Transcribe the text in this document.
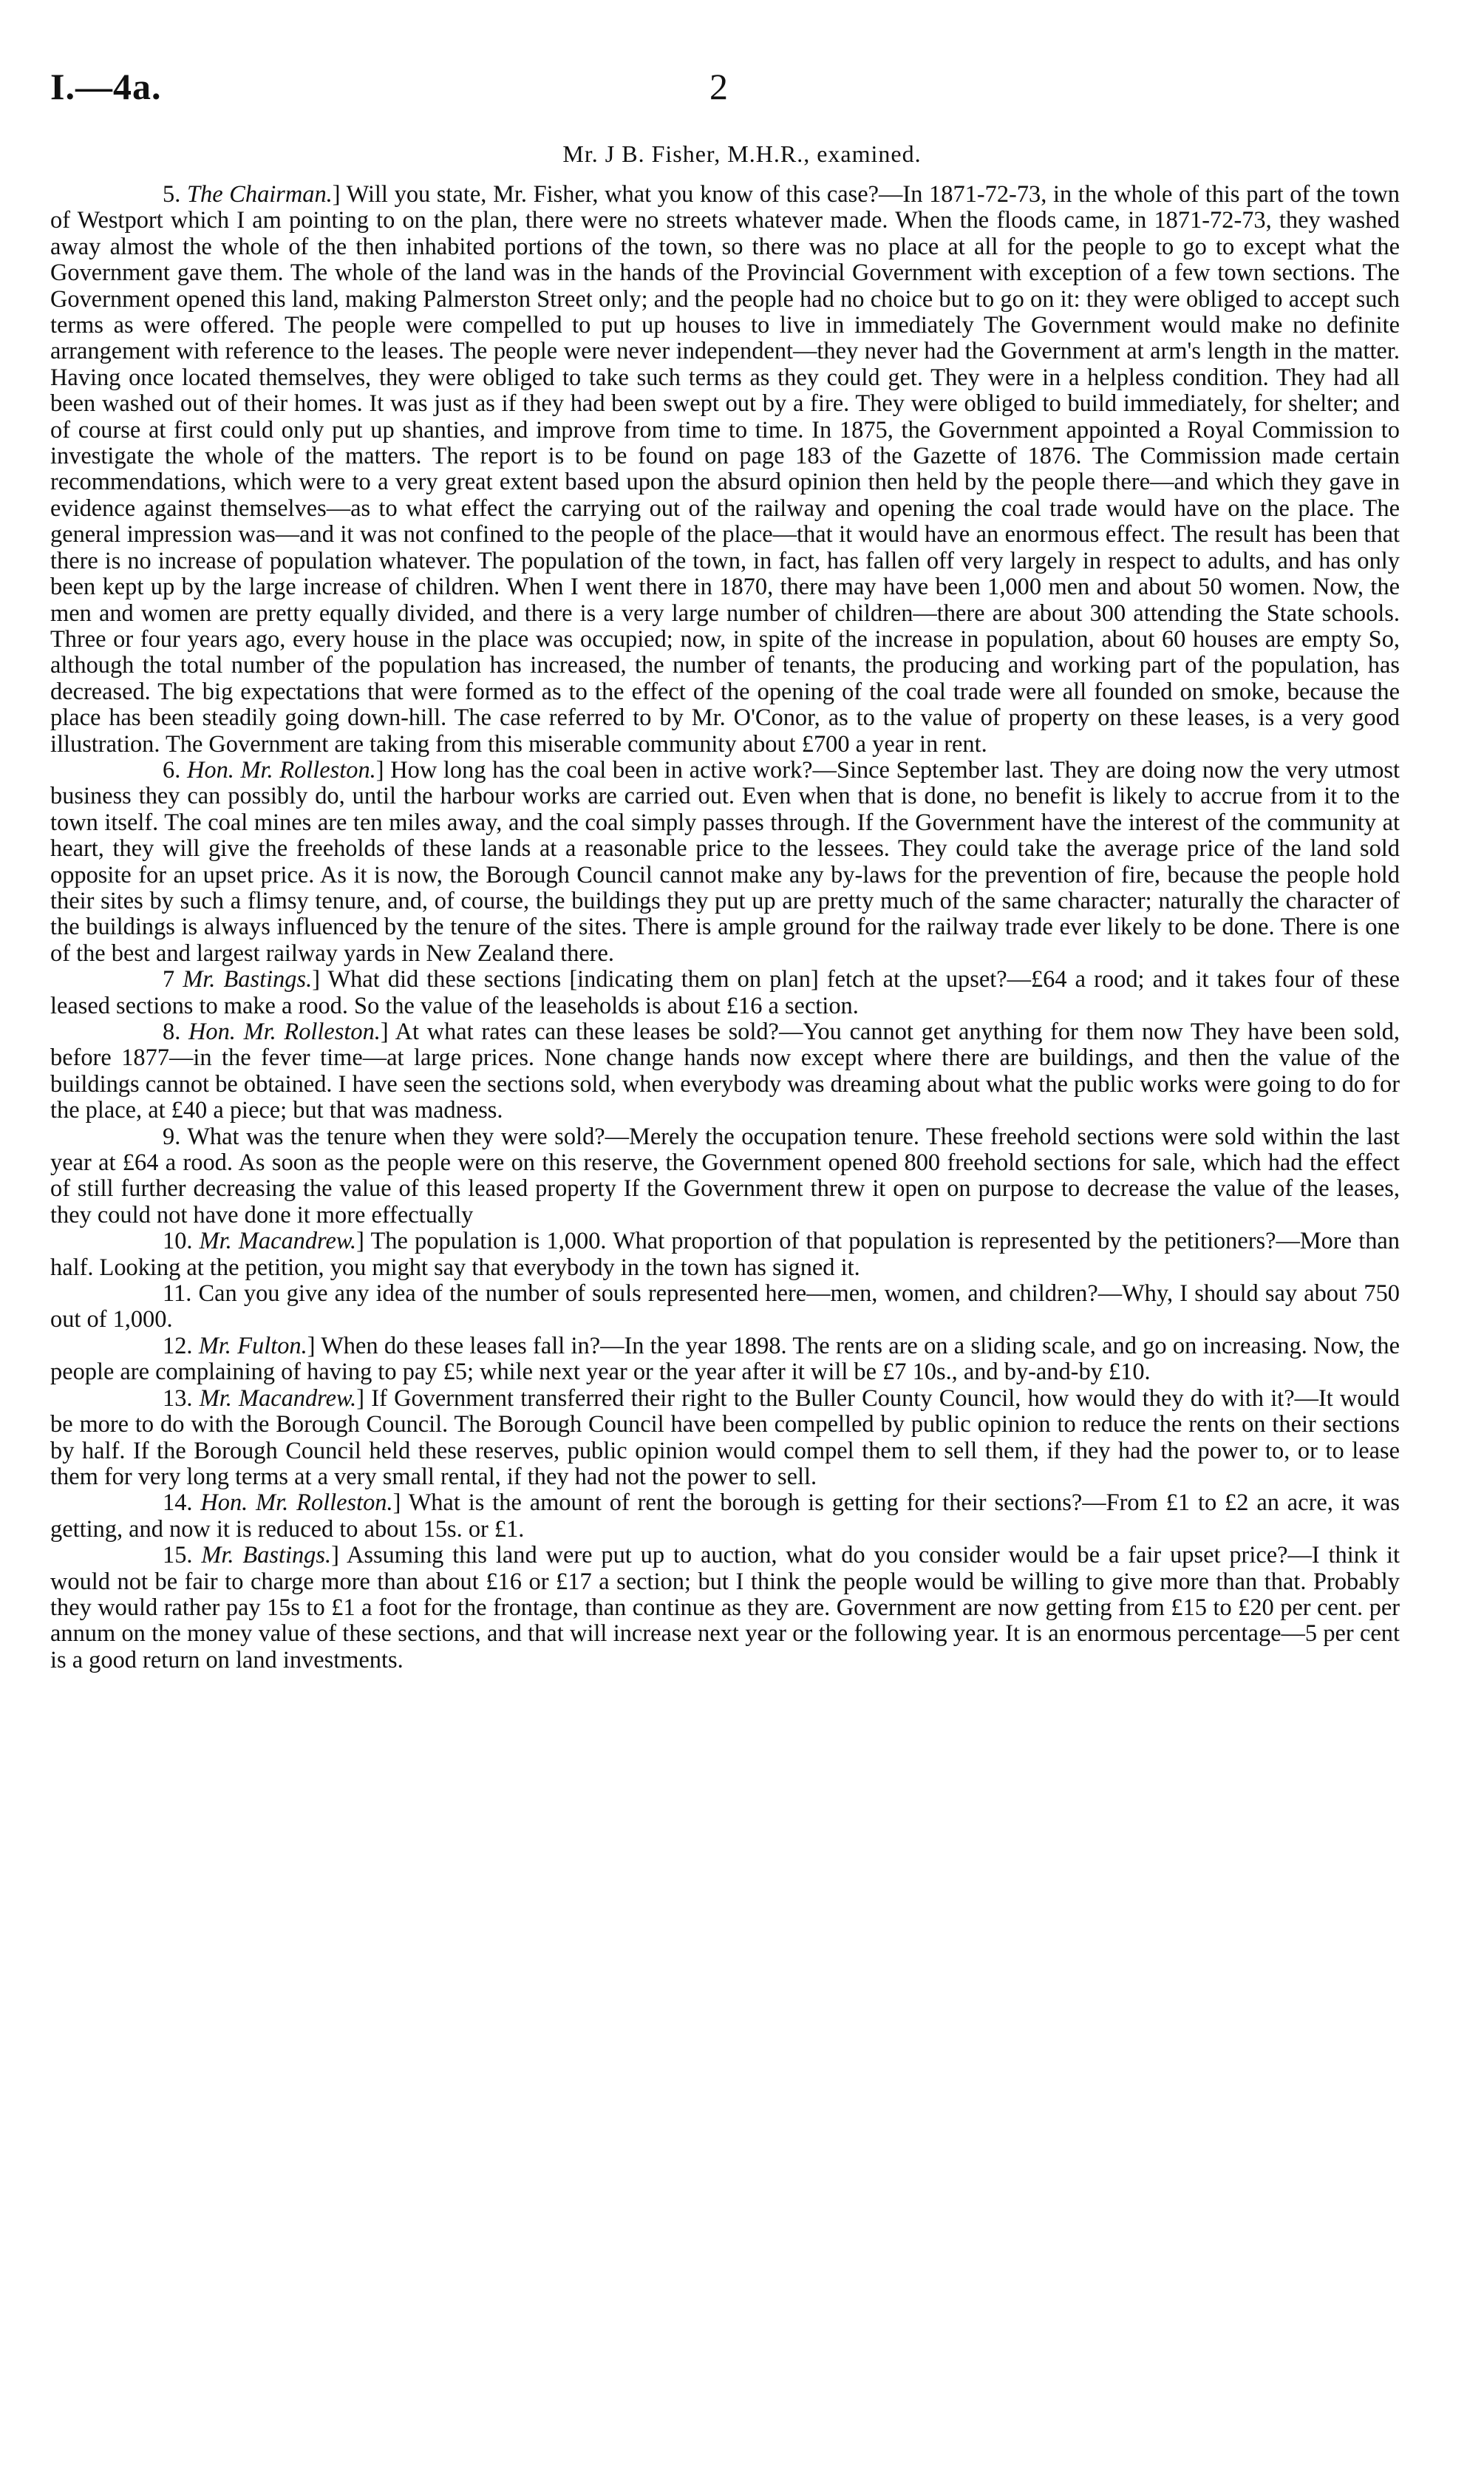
I.—4a.	2
Mr. J B. Fisher, M.H.R., examined.

5. The Chairman.] Will you state, Mr. Fisher, what you know of this case?—In 1871-72-73, in the whole of this part of the town of Westport which I am pointing to on the plan, there were no streets whatever made. When the floods came, in 1871-72-73, they washed away almost the whole of the then inhabited portions of the town, so there was no place at all for the people to go to except what the Government gave them. The whole of the land was in the hands of the Provincial Government with exception of a few town sections. The Government opened this land, making Palmerston Street only; and the people had no choice but to go on it: they were obliged to accept such terms as were offered. The people were compelled to put up houses to live in immediately The Government would make no definite arrangement with reference to the leases. The people were never independent—they never had the Government at arm's length in the matter. Having once located themselves, they were obliged to take such terms as they could get. They were in a helpless condition. They had all been washed out of their homes. It was just as if they had been swept out by a fire. They were obliged to build immediately, for shelter; and of course at first could only put up shanties, and improve from time to time. In 1875, the Government appointed a Royal Commission to investigate the whole of the matters. The report is to be found on page 183 of the Gazette of 1876. The Commission made certain recommendations, which were to a very great extent based upon the absurd opinion then held by the people there—and which they gave in evidence against themselves—as to what effect the carrying out of the railway and opening the coal trade would have on the place. The general impression was—and it was not confined to the people of the place—that it would have an enormous effect. The result has been that there is no increase of population whatever. The population of the town, in fact, has fallen off very largely in respect to adults, and has only been kept up by the large increase of children. When I went there in 1870, there may have been 1,000 men and about 50 women. Now, the men and women are pretty equally divided, and there is a very large number of children—there are about 300 attending the State schools. Three or four years ago, every house in the place was occupied; now, in spite of the increase in population, about 60 houses are empty So, although the total number of the population has increased, the number of tenants, the producing and working part of the population, has decreased. The big expectations that were formed as to the effect of the opening of the coal trade were all founded on smoke, because the place has been steadily going down-hill. The case referred to by Mr. O'Conor, as to the value of property on these leases, is a very good illustration. The Government are taking from this miserable community about £700 a year in rent.

6. Hon. Mr. Rolleston.] How long has the coal been in active work?—Since September last. They are doing now the very utmost business they can possibly do, until the harbour works are carried out. Even when that is done, no benefit is likely to accrue from it to the town itself. The coal mines are ten miles away, and the coal simply passes through. If the Government have the interest of the community at heart, they will give the freeholds of these lands at a reasonable price to the lessees. They could take the average price of the land sold opposite for an upset price. As it is now, the Borough Council cannot make any by-laws for the prevention of fire, because the people hold their sites by such a flimsy tenure, and, of course, the buildings they put up are pretty much of the same character; naturally the character of the buildings is always influenced by the tenure of the sites. There is ample ground for the railway trade ever likely to be done. There is one of the best and largest railway yards in New Zealand there.

7 Mr. Bastings.] What did these sections [indicating them on plan] fetch at the upset?—£64 a rood; and it takes four of these leased sections to make a rood. So the value of the leaseholds is about £16 a section.

8. Hon. Mr. Rolleston.] At what rates can these leases be sold?—You cannot get anything for them now They have been sold, before 1877—in the fever time—at large prices. None change hands now except where there are buildings, and then the value of the buildings cannot be obtained. I have seen the sections sold, when everybody was dreaming about what the public works were going to do for the place, at £40 a piece; but that was madness.

9. What was the tenure when they were sold?—Merely the occupation tenure. These freehold sections were sold within the last year at £64 a rood. As soon as the people were on this reserve, the Government opened 800 freehold sections for sale, which had the effect of still further decreasing the value of this leased property If the Government threw it open on purpose to decrease the value of the leases, they could not have done it more effectually

10. Mr. Macandrew.] The population is 1,000. What proportion of that population is represented by the petitioners?—More than half. Looking at the petition, you might say that everybody in the town has signed it.

11. Can you give any idea of the number of souls represented here—men, women, and children?—Why, I should say about 750 out of 1,000.

12. Mr. Fulton.] When do these leases fall in?—In the year 1898. The rents are on a sliding scale, and go on increasing. Now, the people are complaining of having to pay £5; while next year or the year after it will be £7 10s., and by-and-by £10.

13. Mr. Macandrew.] If Government transferred their right to the Buller County Council, how would they do with it?—It would be more to do with the Borough Council. The Borough Council have been compelled by public opinion to reduce the rents on their sections by half. If the Borough Council held these reserves, public opinion would compel them to sell them, if they had the power to, or to lease them for very long terms at a very small rental, if they had not the power to sell.

14. Hon. Mr. Rolleston.] What is the amount of rent the borough is getting for their sections?—From £1 to £2 an acre, it was getting, and now it is reduced to about 15s. or £1.

15. Mr. Bastings.] Assuming this land were put up to auction, what do you consider would be a fair upset price?—I think it would not be fair to charge more than about £16 or £17 a section; but I think the people would be willing to give more than that. Probably they would rather pay 15s to £1 a foot for the frontage, than continue as they are. Government are now getting from £15 to £20 per cent. per annum on the money value of these sections, and that will increase next year or the following year. It is an enormous percentage—5 per cent is a good return on land investments.
